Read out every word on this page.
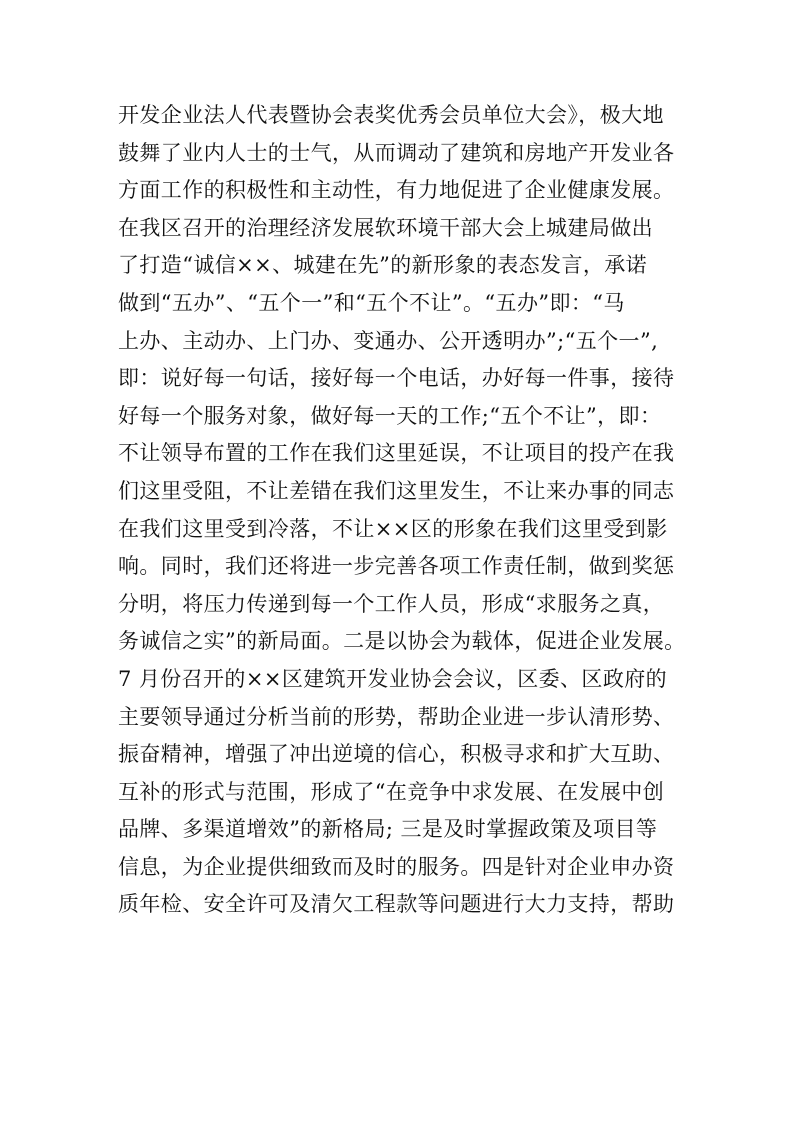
开发企业法人代表暨协会表奖优秀会员单位大会》，极大地
鼓舞了业内人士的士气，从而调动了建筑和房地产开发业各
方面工作的积极性和主动性，有力地促进了企业健康发展。
在我区召开的治理经济发展软环境干部大会上城建局做出
了打造“诚信××、城建在先”的新形象的表态发言，承诺
做到“五办”、“五个一”和“五个不让”。“五办”即：“马
上办、主动办、上门办、变通办、公开透明办”;“五个一”,
即：说好每一句话，接好每一个电话，办好每一件事，接待
好每一个服务对象，做好每一天的工作;“五个不让”，即：
不让领导布置的工作在我们这里延误，不让项目的投产在我
们这里受阻，不让差错在我们这里发生，不让来办事的同志
在我们这里受到冷落，不让××区的形象在我们这里受到影
响。同时，我们还将进一步完善各项工作责任制，做到奖惩
分明，将压力传递到每一个工作人员，形成“求服务之真，
务诚信之实”的新局面。二是以协会为载体，促进企业发展。
7 月份召开的××区建筑开发业协会会议，区委、区政府的
主要领导通过分析当前的形势，帮助企业进一步认清形势、
振奋精神，增强了冲出逆境的信心，积极寻求和扩大互助、
互补的形式与范围，形成了“在竞争中求发展、在发展中创
品牌、多渠道增效”的新格局; 三是及时掌握政策及项目等
信息，为企业提供细致而及时的服务。四是针对企业申办资
质年检、安全许可及清欠工程款等问题进行大力支持，帮助
